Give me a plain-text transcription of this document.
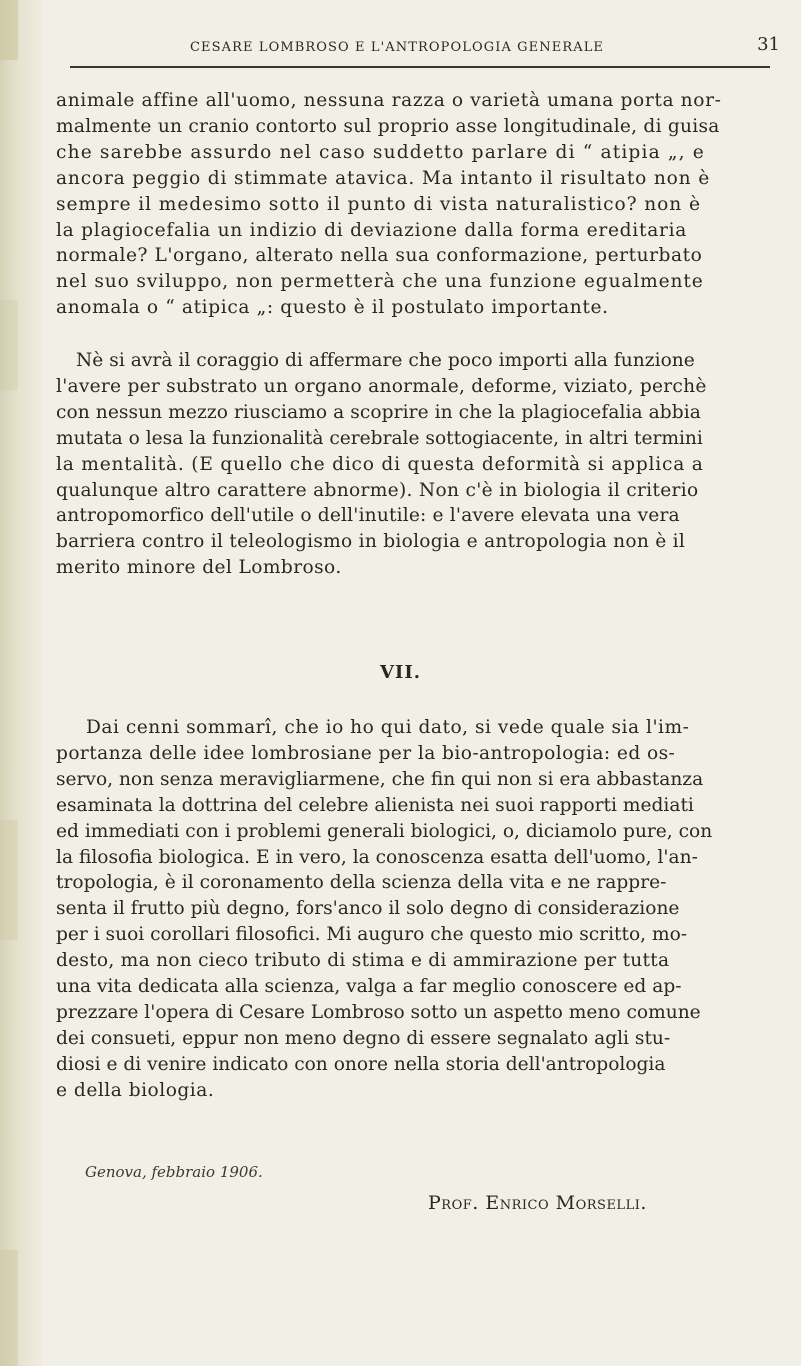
CESARE LOMBROSO E L'ANTROPOLOGIA GENERALE	31

animale affine all'uomo, nessuna razza o varietà umana porta nor-
malmente un cranio contorto sul proprio asse longitudinale, di guisa
che sarebbe assurdo nel caso suddetto parlare di “ atipia „, e
ancora peggio di stimmate atavica. Ma intanto il risultato non è
sempre il medesimo sotto il punto di vista naturalistico? non è
la plagiocefalia un indizio di deviazione dalla forma ereditaria
normale? L'organo, alterato nella sua conformazione, perturbato
nel suo sviluppo, non permetterà che una funzione egualmente
anomala o “ atipica „: questo è il postulato importante.

Nè si avrà il coraggio di affermare che poco importi alla funzione
l'avere per substrato un organo anormale, deforme, viziato, perchè
con nessun mezzo riusciamo a scoprire in che la plagiocefalia abbia
mutata o lesa la funzionalità cerebrale sottogiacente, in altri termini
la mentalità. (E quello che dico di questa deformità si applica a
qualunque altro carattere abnorme). Non c'è in biologia il criterio
antropomorfico dell'utile o dell'inutile: e l'avere elevata una vera
barriera contro il teleologismo in biologia e antropologia non è il
merito minore del Lombroso.

VII.

Dai cenni sommarî, che io ho qui dato, si vede quale sia l'im-
portanza delle idee lombrosiane per la bio-antropologia: ed os-
servo, non senza meravigliarmene, che fin qui non si era abbastanza
esaminata la dottrina del celebre alienista nei suoi rapporti mediati
ed immediati con i problemi generali biologici, o, diciamolo pure, con
la filosofia biologica. E in vero, la conoscenza esatta dell'uomo, l'an-
tropologia, è il coronamento della scienza della vita e ne rappre-
senta il frutto più degno, fors'anco il solo degno di considerazione
per i suoi corollari filosofici. Mi auguro che questo mio scritto, mo-
desto, ma non cieco tributo di stima e di ammirazione per tutta
una vita dedicata alla scienza, valga a far meglio conoscere ed ap-
prezzare l'opera di Cesare Lombroso sotto un aspetto meno comune
dei consueti, eppur non meno degno di essere segnalato agli stu-
diosi e di venire indicato con onore nella storia dell'antropologia
e della biologia.

Genova, febbraio 1906.
Prof. Enrico Morselli.
